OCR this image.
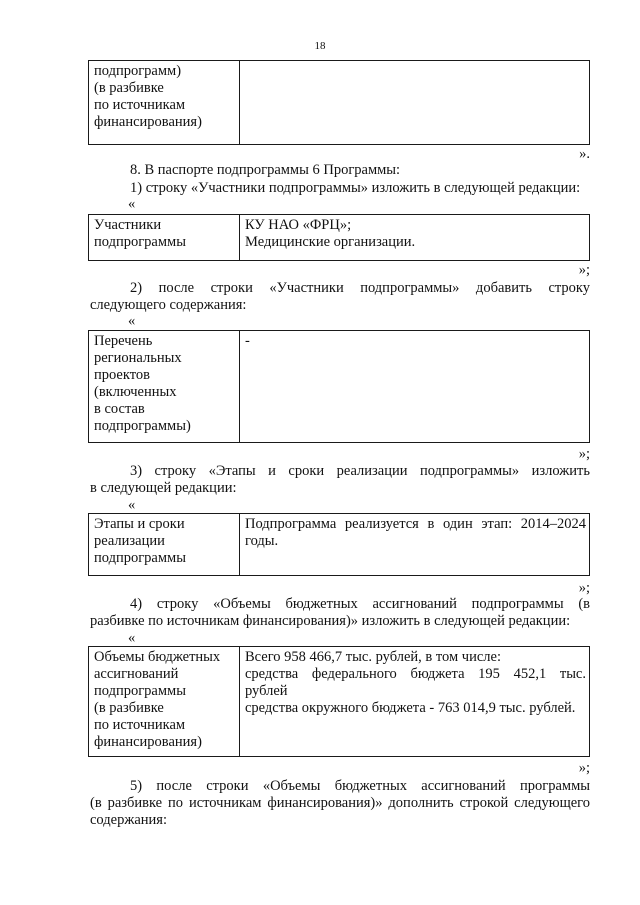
18
подпрограмм)
(в разбивке
по источникам
финансирования)

».
8. В паспорте подпрограммы 6 Программы:
1) строку «Участники подпрограммы» изложить в следующей редакции:
«
Участники
подпрограммы

КУ НАО «ФРЦ»;
Медицинские организации.
»;
2) после строки «Участники подпрограммы» добавить строку
следующего содержания:
«
Перечень
региональных
проектов
(включенных
в состав
подпрограммы)

-
»;
3) строку «Этапы и сроки реализации подпрограммы» изложить
в следующей редакции:
«
Этапы и сроки
реализации
подпрограммы

Подпрограмма реализуется в один этап: 2014–2024
годы.
»;
4) строку «Объемы бюджетных ассигнований подпрограммы (в
разбивке по источникам финансирования)» изложить в следующей редакции:
«
Объемы бюджетных
ассигнований
подпрограммы
(в разбивке
по источникам
финансирования)

Всего 958 466,7 тыс. рублей, в том числе:
средства федерального бюджета 195 452,1 тыс.
рублей
средства окружного бюджета - 763 014,9 тыс. рублей.
»;
5) после строки «Объемы бюджетных ассигнований программы
(в разбивке по источникам финансирования)» дополнить строкой следующего
содержания:
